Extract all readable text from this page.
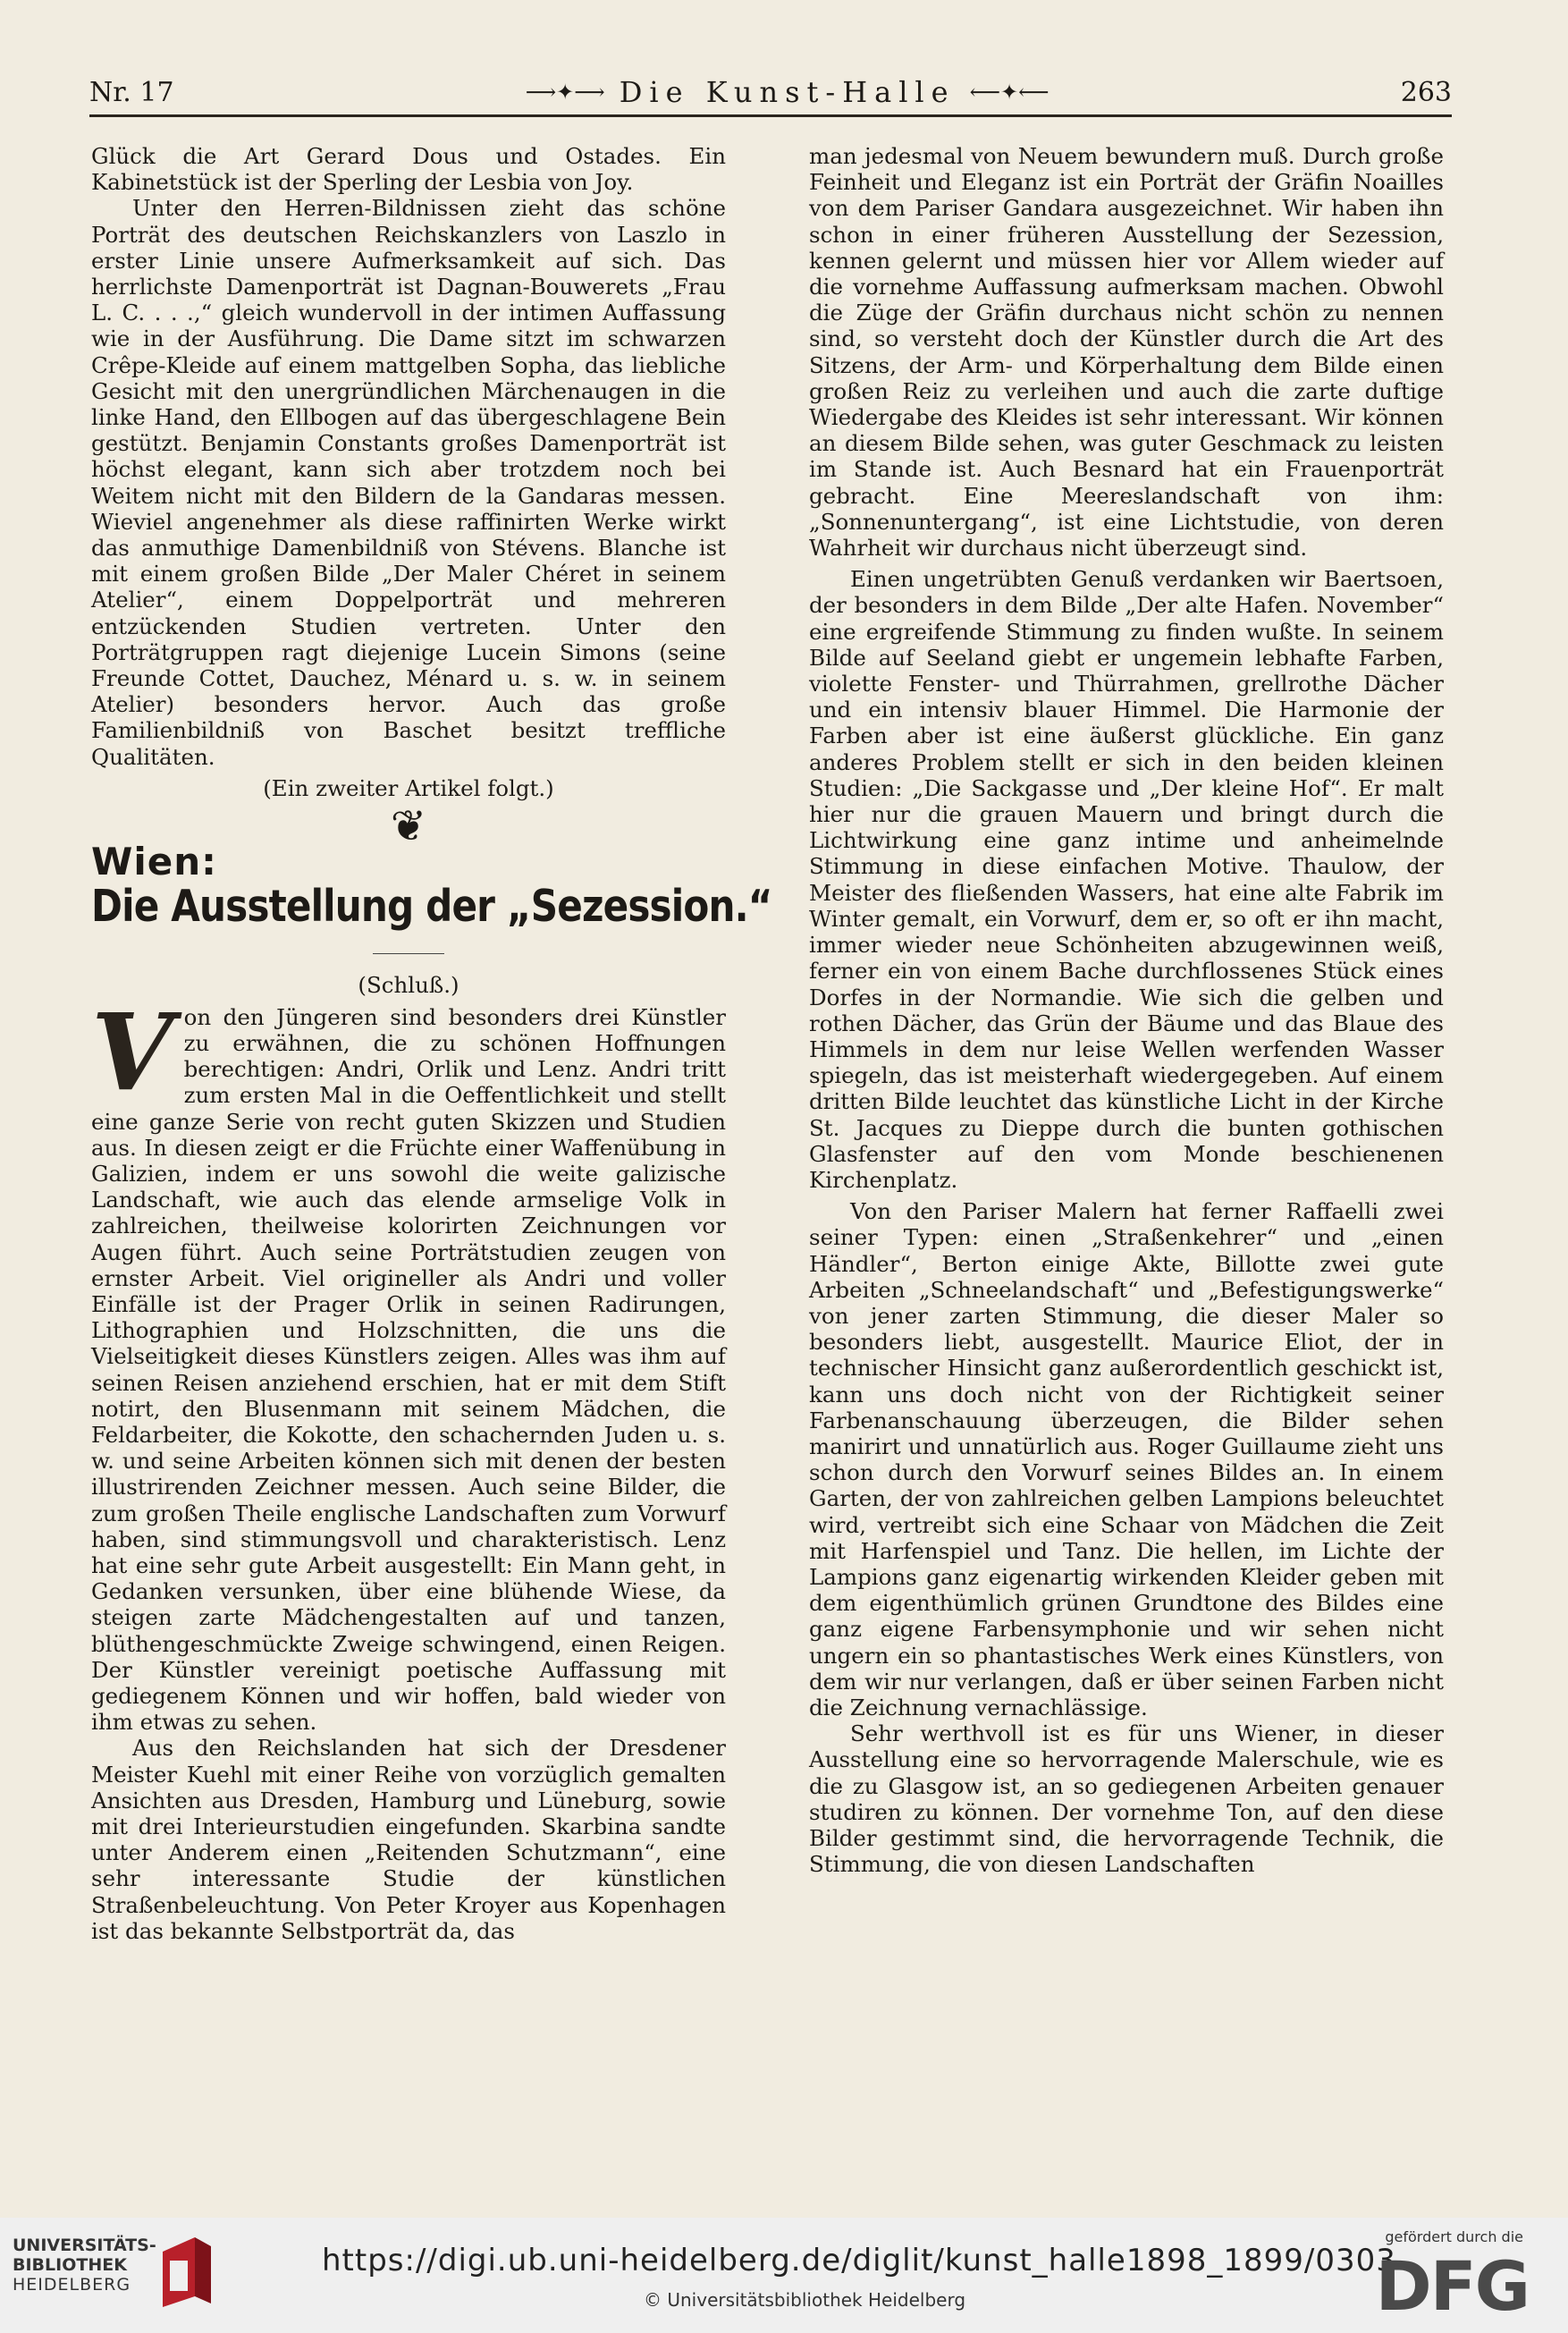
Nr. 17	⟶✦⟶ Die Kunst-Halle ⟵✦⟵	263

Glück die Art Gerard Dous und Ostades. Ein Kabinetstück ist der Sperling der Lesbia von Joy.

Unter den Herren-Bildnissen zieht das schöne Porträt des deutschen Reichskanzlers von Laszlo in erster Linie unsere Aufmerksamkeit auf sich. Das herrlichste Damenporträt ist Dagnan-Bouwerets „Frau L. C. . . .,“ gleich wundervoll in der intimen Auffassung wie in der Ausführung. Die Dame sitzt im schwarzen Crêpe-Kleide auf einem mattgelben Sopha, das liebliche Gesicht mit den unergründlichen Märchenaugen in die linke Hand, den Ellbogen auf das übergeschlagene Bein gestützt. Benjamin Constants großes Damenporträt ist höchst elegant, kann sich aber trotzdem noch bei Weitem nicht mit den Bildern de la Gandaras messen. Wieviel angenehmer als diese raffinirten Werke wirkt das anmuthige Damenbildniß von Stévens. Blanche ist mit einem großen Bilde „Der Maler Chéret in seinem Atelier“, einem Doppelporträt und mehreren entzückenden Studien vertreten. Unter den Porträtgruppen ragt diejenige Lucein Simons (seine Freunde Cottet, Dauchez, Ménard u. s. w. in seinem Atelier) besonders hervor. Auch das große Familienbildniß von Baschet besitzt treffliche Qualitäten.

(Ein zweiter Artikel folgt.)

❦
Wien:
Die Ausstellung der „Sezession.“

(Schluß.)

Von den Jüngeren sind besonders drei Künstler zu erwähnen, die zu schönen Hoffnungen berechtigen: Andri, Orlik und Lenz. Andri tritt zum ersten Mal in die Oeffentlichkeit und stellt eine ganze Serie von recht guten Skizzen und Studien aus. In diesen zeigt er die Früchte einer Waffenübung in Galizien, indem er uns sowohl die weite galizische Landschaft, wie auch das elende armselige Volk in zahlreichen, theilweise kolorirten Zeichnungen vor Augen führt. Auch seine Porträtstudien zeugen von ernster Arbeit. Viel origineller als Andri und voller Einfälle ist der Prager Orlik in seinen Radirungen, Lithographien und Holzschnitten, die uns die Vielseitigkeit dieses Künstlers zeigen. Alles was ihm auf seinen Reisen anziehend erschien, hat er mit dem Stift notirt, den Blusenmann mit seinem Mädchen, die Feldarbeiter, die Kokotte, den schachernden Juden u. s. w. und seine Arbeiten können sich mit denen der besten illustrirenden Zeichner messen. Auch seine Bilder, die zum großen Theile englische Landschaften zum Vorwurf haben, sind stimmungsvoll und charakteristisch. Lenz hat eine sehr gute Arbeit ausgestellt: Ein Mann geht, in Gedanken versunken, über eine blühende Wiese, da steigen zarte Mädchengestalten auf und tanzen, blüthengeschmückte Zweige schwingend, einen Reigen. Der Künstler vereinigt poetische Auffassung mit gediegenem Können und wir hoffen, bald wieder von ihm etwas zu sehen.

Aus den Reichslanden hat sich der Dresdener Meister Kuehl mit einer Reihe von vorzüglich gemalten Ansichten aus Dresden, Hamburg und Lüneburg, sowie mit drei Interieurstudien eingefunden. Skarbina sandte unter Anderem einen „Reitenden Schutzmann“, eine sehr interessante Studie der künstlichen Straßenbeleuchtung. Von Peter Kroyer aus Kopenhagen ist das bekannte Selbstporträt da, das

man jedesmal von Neuem bewundern muß. Durch große Feinheit und Eleganz ist ein Porträt der Gräfin Noailles von dem Pariser Gandara ausgezeichnet. Wir haben ihn schon in einer früheren Ausstellung der Sezession, kennen gelernt und müssen hier vor Allem wieder auf die vornehme Auffassung aufmerksam machen. Obwohl die Züge der Gräfin durchaus nicht schön zu nennen sind, so versteht doch der Künstler durch die Art des Sitzens, der Arm- und Körperhaltung dem Bilde einen großen Reiz zu verleihen und auch die zarte duftige Wiedergabe des Kleides ist sehr interessant. Wir können an diesem Bilde sehen, was guter Geschmack zu leisten im Stande ist. Auch Besnard hat ein Frauenporträt gebracht. Eine Meereslandschaft von ihm: „Sonnenuntergang“, ist eine Lichtstudie, von deren Wahrheit wir durchaus nicht überzeugt sind.

Einen ungetrübten Genuß verdanken wir Baertsoen, der besonders in dem Bilde „Der alte Hafen. November“ eine ergreifende Stimmung zu finden wußte. In seinem Bilde auf Seeland giebt er ungemein lebhafte Farben, violette Fenster- und Thürrahmen, grellrothe Dächer und ein intensiv blauer Himmel. Die Harmonie der Farben aber ist eine äußerst glückliche. Ein ganz anderes Problem stellt er sich in den beiden kleinen Studien: „Die Sackgasse und „Der kleine Hof“. Er malt hier nur die grauen Mauern und bringt durch die Lichtwirkung eine ganz intime und anheimelnde Stimmung in diese einfachen Motive. Thaulow, der Meister des fließenden Wassers, hat eine alte Fabrik im Winter gemalt, ein Vorwurf, dem er, so oft er ihn macht, immer wieder neue Schönheiten abzugewinnen weiß, ferner ein von einem Bache durchflossenes Stück eines Dorfes in der Normandie. Wie sich die gelben und rothen Dächer, das Grün der Bäume und das Blaue des Himmels in dem nur leise Wellen werfenden Wasser spiegeln, das ist meisterhaft wiedergegeben. Auf einem dritten Bilde leuchtet das künstliche Licht in der Kirche St. Jacques zu Dieppe durch die bunten gothischen Glasfenster auf den vom Monde beschienenen Kirchenplatz.

Von den Pariser Malern hat ferner Raffaelli zwei seiner Typen: einen „Straßenkehrer“ und „einen Händler“, Berton einige Akte, Billotte zwei gute Arbeiten „Schneelandschaft“ und „Befestigungswerke“ von jener zarten Stimmung, die dieser Maler so besonders liebt, ausgestellt. Maurice Eliot, der in technischer Hinsicht ganz außerordentlich geschickt ist, kann uns doch nicht von der Richtigkeit seiner Farbenanschauung überzeugen, die Bilder sehen manirirt und unnatürlich aus. Roger Guillaume zieht uns schon durch den Vorwurf seines Bildes an. In einem Garten, der von zahlreichen gelben Lampions beleuchtet wird, vertreibt sich eine Schaar von Mädchen die Zeit mit Harfenspiel und Tanz. Die hellen, im Lichte der Lampions ganz eigenartig wirkenden Kleider geben mit dem eigenthümlich grünen Grundtone des Bildes eine ganz eigene Farbensymphonie und wir sehen nicht ungern ein so phantastisches Werk eines Künstlers, von dem wir nur verlangen, daß er über seinen Farben nicht die Zeichnung vernachlässige.

Sehr werthvoll ist es für uns Wiener, in dieser Ausstellung eine so hervorragende Malerschule, wie es die zu Glasgow ist, an so gediegenen Arbeiten genauer studiren zu können. Der vornehme Ton, auf den diese Bilder gestimmt sind, die hervorragende Technik, die Stimmung, die von diesen Landschaften

UNIVERSITÄTS-
BIBLIOTHEK
HEIDELBERG
https://digi.ub.uni-heidelberg.de/diglit/kunst_halle1898_1899/0303
© Universitätsbibliothek Heidelberg
gefördert durch die
DFG
